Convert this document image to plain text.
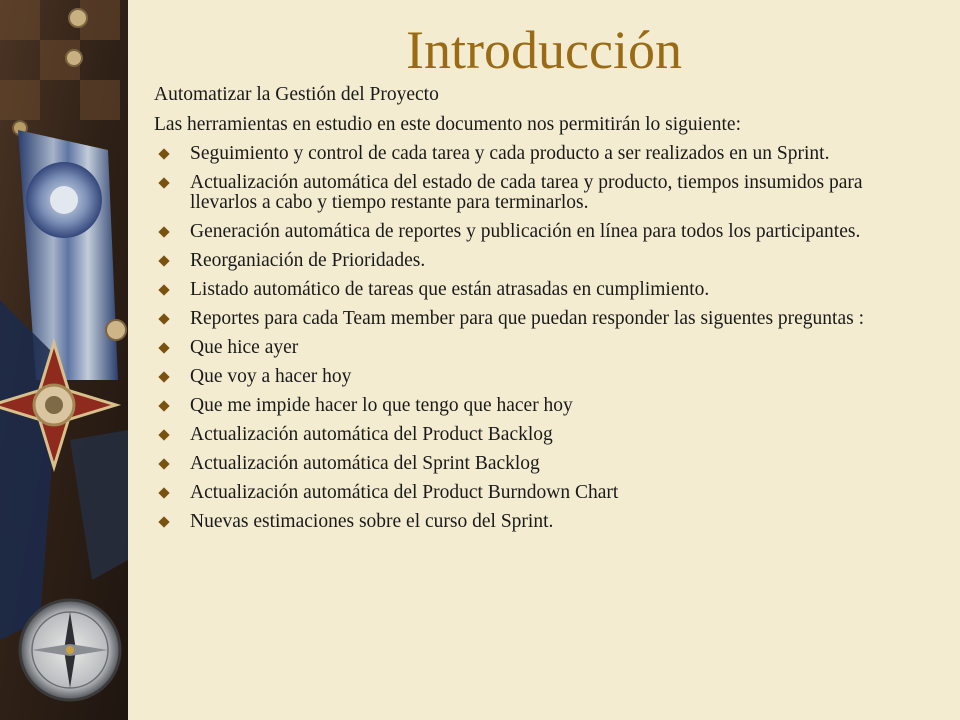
Introducción

Automatizar la Gestión del Proyecto

Las herramientas en estudio en este documento nos permitirán lo siguiente:

Seguimiento y control de cada tarea y cada producto a ser realizados en un Sprint.
Actualización automática del estado de cada tarea y producto, tiempos insumidos para llevarlos a cabo y tiempo restante para terminarlos.
Generación automática de reportes y publicación en línea para todos los participantes.
Reorganiación de Prioridades.
Listado automático de tareas que están atrasadas en cumplimiento.
Reportes para cada Team member para que puedan responder las siguentes preguntas :
Que hice ayer
Que voy a hacer hoy
Que me impide hacer lo que tengo que hacer hoy
Actualización automática del Product Backlog
Actualización automática del Sprint Backlog
Actualización automática del Product Burndown Chart
Nuevas estimaciones sobre el curso del Sprint.
